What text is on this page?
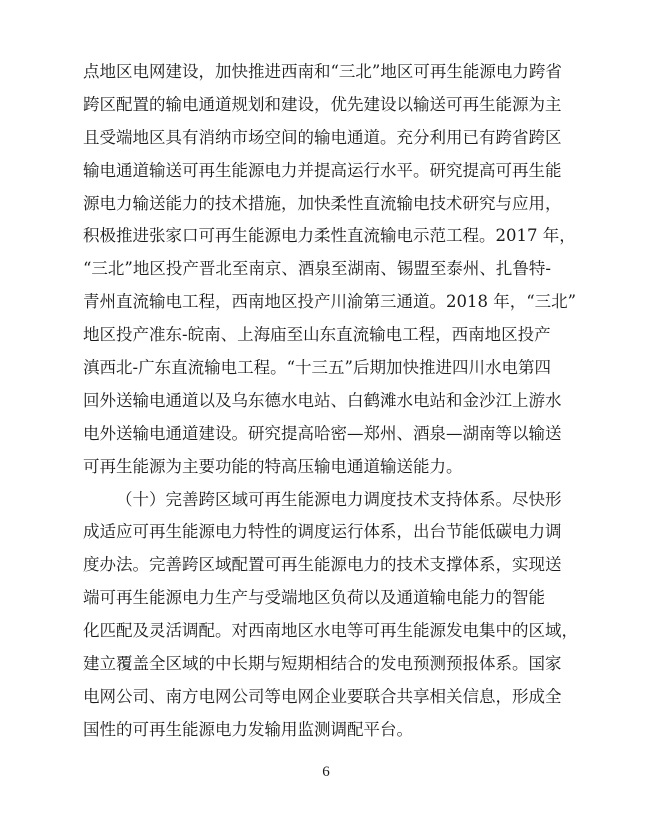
点地区电网建设，加快推进西南和“三北”地区可再生能源电力跨省
跨区配置的输电通道规划和建设，优先建设以输送可再生能源为主
且受端地区具有消纳市场空间的输电通道。充分利用已有跨省跨区
输电通道输送可再生能源电力并提高运行水平。研究提高可再生能
源电力输送能力的技术措施，加快柔性直流输电技术研究与应用，
积极推进张家口可再生能源电力柔性直流输电示范工程。2017 年，
“三北”地区投产晋北至南京、酒泉至湖南、锡盟至泰州、扎鲁特-
青州直流输电工程，西南地区投产川渝第三通道。2018 年，“三北”
地区投产准东-皖南、上海庙至山东直流输电工程，西南地区投产
滇西北-广东直流输电工程。“十三五”后期加快推进四川水电第四
回外送输电通道以及乌东德水电站、白鹤滩水电站和金沙江上游水
电外送输电通道建设。研究提高哈密—郑州、酒泉—湖南等以输送
可再生能源为主要功能的特高压输电通道输送能力。
（十）完善跨区域可再生能源电力调度技术支持体系。尽快形
成适应可再生能源电力特性的调度运行体系，出台节能低碳电力调
度办法。完善跨区域配置可再生能源电力的技术支撑体系，实现送
端可再生能源电力生产与受端地区负荷以及通道输电能力的智能
化匹配及灵活调配。对西南地区水电等可再生能源发电集中的区域，
建立覆盖全区域的中长期与短期相结合的发电预测预报体系。国家
电网公司、南方电网公司等电网企业要联合共享相关信息，形成全
国性的可再生能源电力发输用监测调配平台。
6
